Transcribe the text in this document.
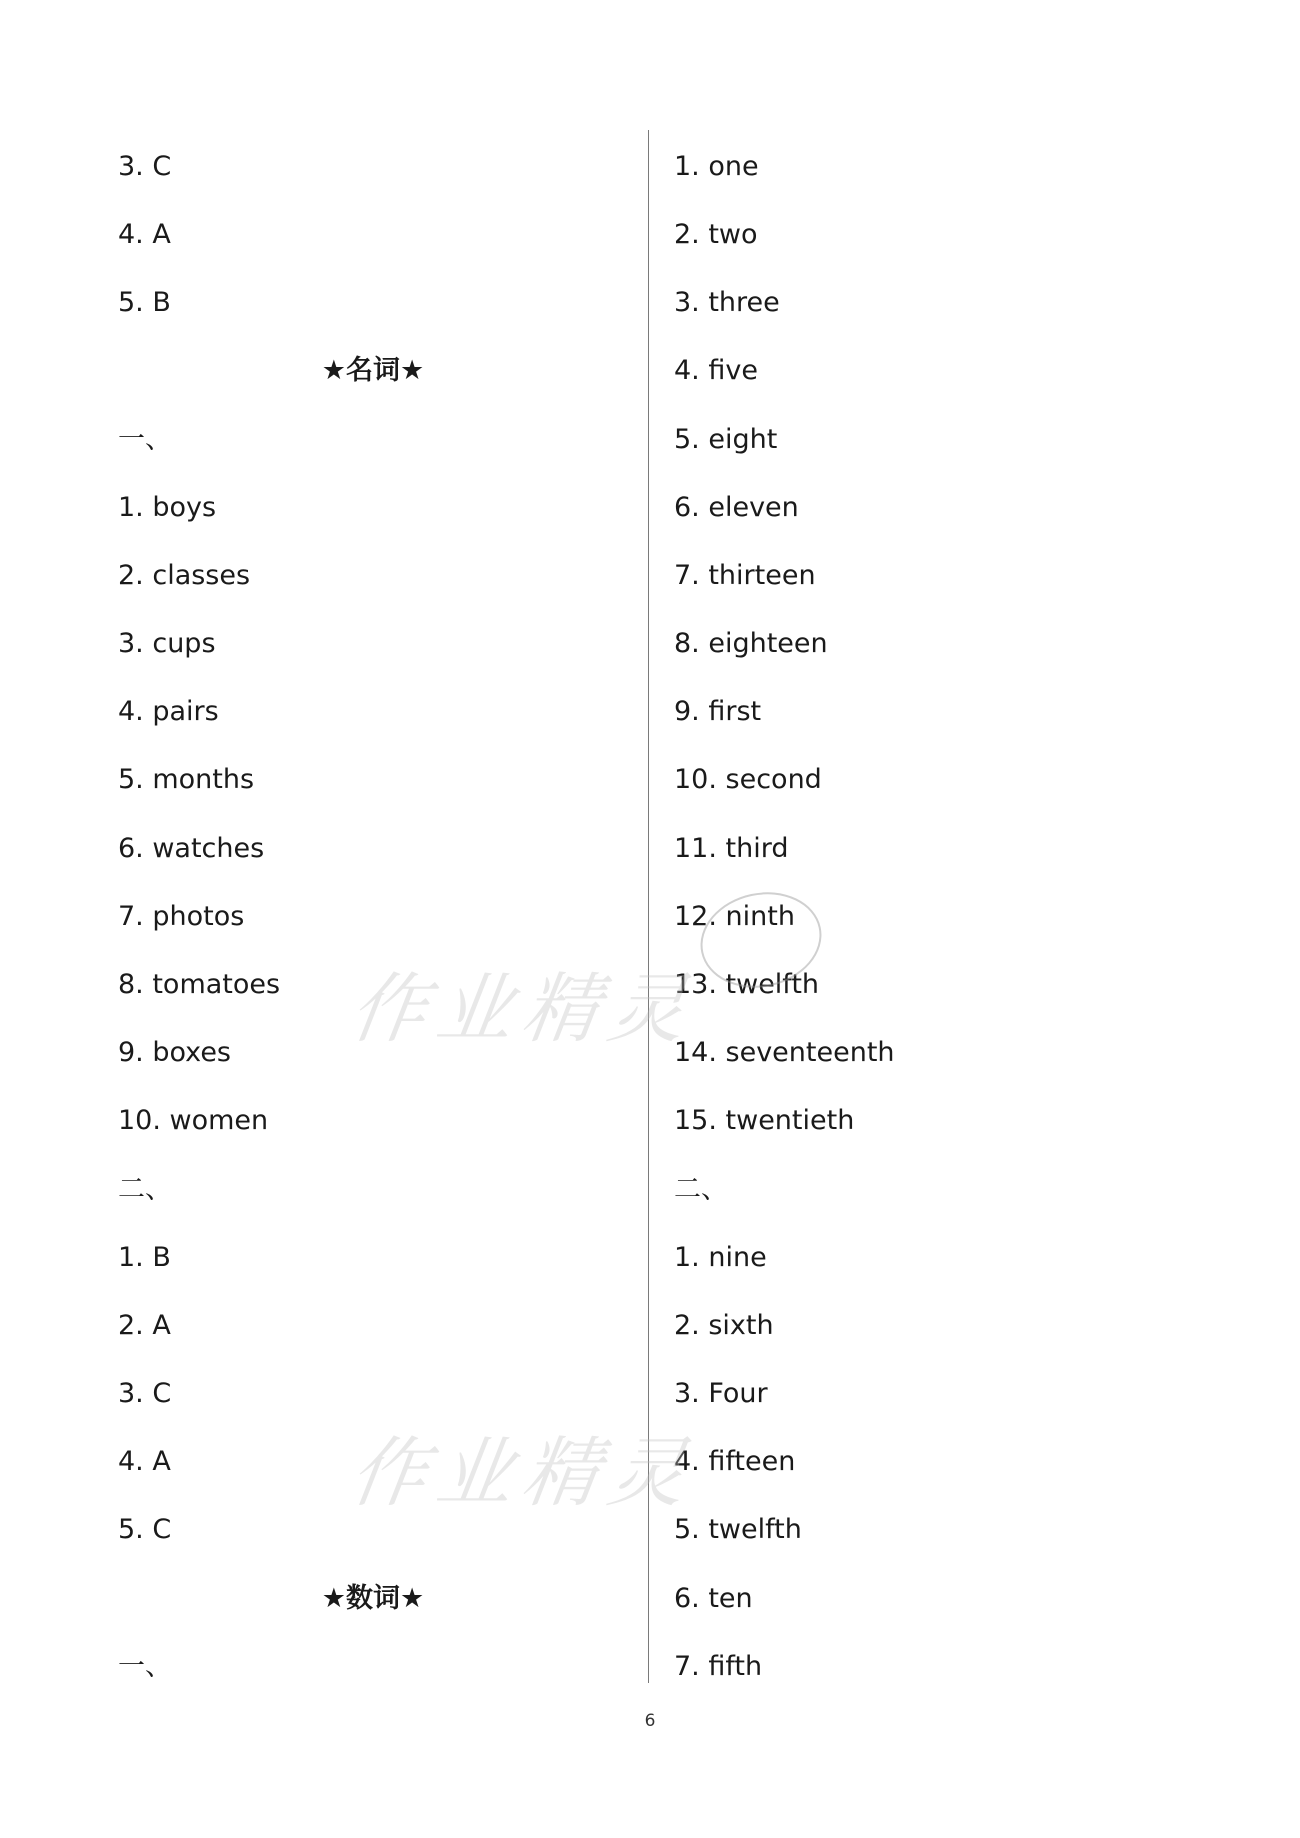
3. C
4. A
5. B
★名词★
一、
1. boys
2. classes
3. cups
4. pairs
5. months
6. watches
7. photos
8. tomatoes
9. boxes
10. women
二、
1. B
2. A
3. C
4. A
5. C
★数词★
一、
1. one
2. two
3. three
4. five
5. eight
6. eleven
7. thirteen
8. eighteen
9. first
10. second
11. third
12. ninth
13. twelfth
14. seventeenth
15. twentieth
二、
1. nine
2. sixth
3. Four
4. fifteen
5. twelfth
6. ten
7. fifth
作业精灵
作业精灵
6
